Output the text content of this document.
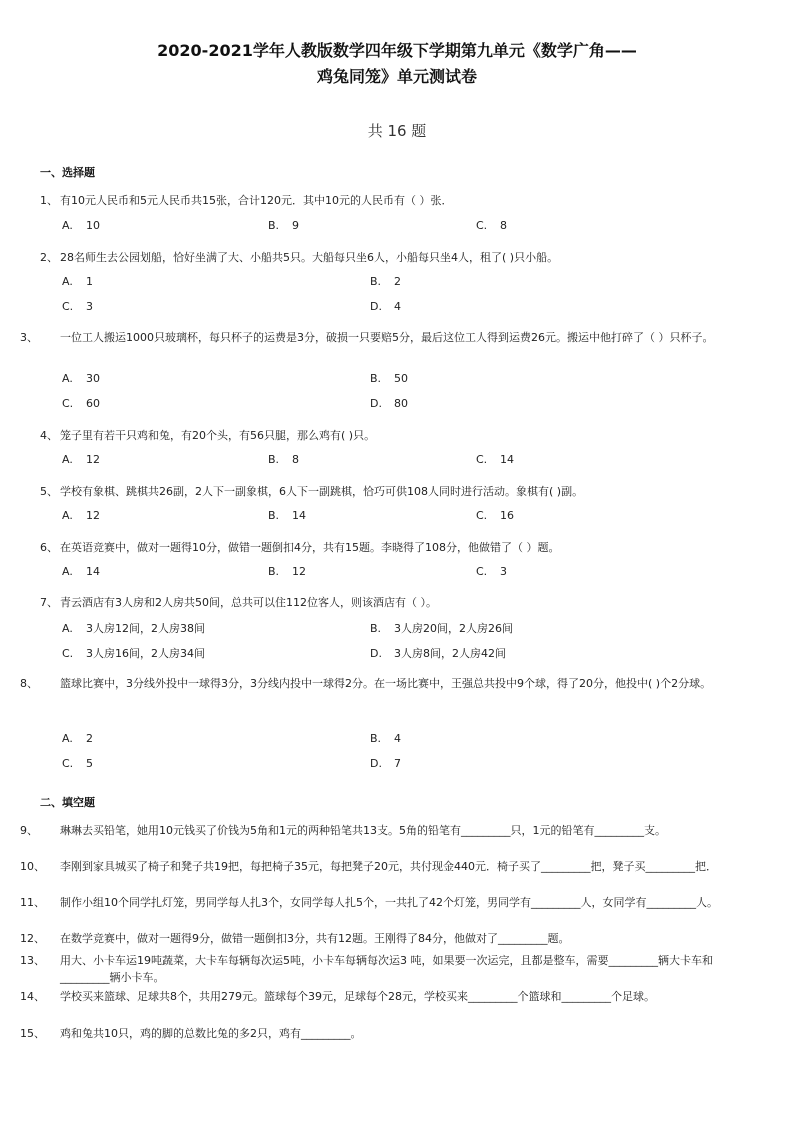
2020-2021学年人教版数学四年级下学期第九单元《数学广角——
鸡兔同笼》单元测试卷
共 16 题
一、选择题
1、 有10元人民币和5元人民币共15张，合计120元．其中10元的人民币有（ ）张．
A. 10	B. 9	C. 8
2、 28名师生去公园划船，恰好坐满了大、小船共5只。大船每只坐6人，小船每只坐4人，租了( )只小船。
A. 1	B. 2
C. 3	D. 4
3、 一位工人搬运1000只玻璃杯，每只杯子的运费是3分，破损一只要赔5分，最后这位工人得到运费26元。搬运中他打碎了（ ）只杯子。
A. 30	B. 50
C. 60	D. 80
4、 笼子里有若干只鸡和兔，有20个头，有56只腿，那么鸡有( )只。
A. 12	B. 8	C. 14
5、 学校有象棋、跳棋共26副，2人下一副象棋，6人下一副跳棋，恰巧可供108人同时进行活动。象棋有( )副。
A. 12	B. 14	C. 16
6、 在英语竞赛中，做对一题得10分，做错一题倒扣4分，共有15题。李晓得了108分，他做错了（ ）题。
A. 14	B. 12	C. 3
7、 青云酒店有3人房和2人房共50间，总共可以住112位客人，则该酒店有（ ）。
A. 3人房12间，2人房38间	B. 3人房20间，2人房26间
C. 3人房16间，2人房34间	D. 3人房8间，2人房42间
8、 篮球比赛中，3分线外投中一球得3分，3分线内投中一球得2分。在一场比赛中，王强总共投中9个球，得了20分，他投中( )个2分球。
A. 2	B. 4
C. 5	D. 7
二、填空题
9、 琳琳去买铅笔，她用10元钱买了价钱为5角和1元的两种铅笔共13支。5角的铅笔有_________只，1元的铅笔有_________支。
10、 李刚到家具城买了椅子和凳子共19把，每把椅子35元，每把凳子20元，共付现金440元．椅子买了_________把，凳子买_________把．
11、 制作小组10个同学扎灯笼，男同学每人扎3个，女同学每人扎5个，一共扎了42个灯笼，男同学有_________人，女同学有_________人。
12、 在数学竞赛中，做对一题得9分，做错一题倒扣3分，共有12题。王刚得了84分，他做对了_________题。
13、 用大、小卡车运19吨蔬菜，大卡车每辆每次运5吨，小卡车每辆每次运3 吨，如果要一次运完，且都是整车，需要_________辆大卡车和_________辆小卡车。
14、 学校买来篮球、足球共8个，共用279元。篮球每个39元，足球每个28元，学校买来_________个篮球和_________个足球。
15、 鸡和兔共10只，鸡的脚的总数比兔的多2只，鸡有_________。
